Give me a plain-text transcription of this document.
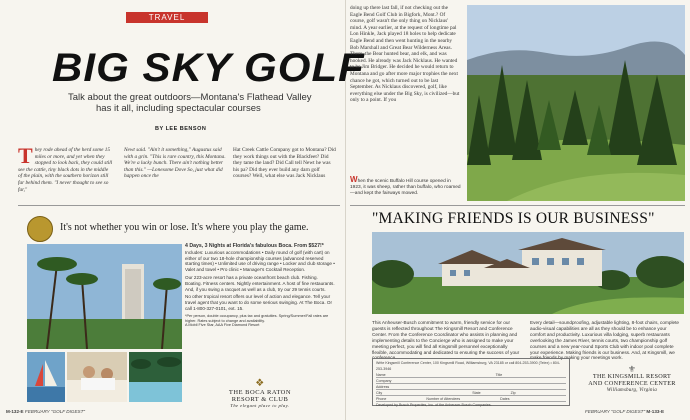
TRAVEL
BIG SKY GOLF
Talk about the great outdoors—Montana's Flathead Valley
has it all, including spectacular courses
BY LEE BENSON
They rode ahead of the herd some 15 miles or more, and yet when they stopped to look back, they could still see the cattle, tiny black dots in the middle of the plain, with the southern horizon still far behind them. "I never thought to see so far,"
Newt said. "Ain't it something," Augustus said with a grin. "This is rare country, this Montana. We're a lucky bunch. There ain't nothing better than this." —Lonesome Dove So, just what did happen once the
Hat Creek Cattle Company got to Montana? Did they work things out with the Blackfeet? Did they tame the land? Did Call tell Newt he was his pa? Did they ever build any darn golf courses? Well, what else was Jack Nicklaus
doing up there last fall, if not checking out the Eagle Bend Golf Club in Bigfork, Mont.? Of course, golf wasn't the only thing on Nicklaus' mind. A year earlier, at the request of longtime pal Lon Hinkle, Jack played 18 holes to help dedicate Eagle Bend and then went hunting in the nearby Bob Marshall and Great Bear Wilderness Areas. There, the Bear hunted bear, and elk, and was hooked. He already was Jack Nicklaus. He wanted to be Jim Bridger. He decided he would return to Montana and go after more major trophies the next chance he got, which turned out to be last September. As Nicklaus discovered, golf, like everything else under the Big Sky, is civilized—but only to a point. If you
When the scenic Buffalo Hill course opened in 1923, it was sheep, rather than buffalo, who roamed—and kept the fairways mowed.
It's not whether you win or lose. It's where you play the game.
4 Days, 3 Nights at Florida's fabulous Boca. From $527!*
Includes: Luxurious accommodations • Daily round of golf (with cart) on either of our two 18-hole championship courses (advanced reserved starting times) • Unlimited use of driving range • Locker and club storage • Valet and towel • Pro clinic • Manager's Cocktail Reception.
Our 223-acre resort has a private oceanfront beach club. Fishing. Boating. Fitness centers. Nightly entertainment. A host of fine restaurants. And, if you swing a racquet as well as a club, try our 29 tennis courts.
No other tropical resort offers our level of action and elegance. Tell your travel agent that you want to do some serious swinging. At The Boca. Or call 1-800-327-0101, ext. 15.
*Per person, double occupancy, plus tax and gratuities. Spring/Summer/Fall rates are higher. Rates subject to change and availability.
A Mobil Five Star, AAA Five Diamond Resort
❖
THE BOCA RATON
RESORT & CLUB
The elegant place to play.
"MAKING FRIENDS IS OUR BUSINESS"
This Anheuser-Busch commitment to warm, friendly service for our guests is reflected throughout The Kingsmill Resort and Conference Center. From the Conference Coordinator who assists in planning and implementing details to the Concierge who is assigned to make your meeting perfect, you will find all Kingsmill personnel exceptionally flexible, accommodating and dedicated to ensuring the success of your conference.
Every detail—soundproofing, adjustable lighting, 8-foot chairs, complete audio-visual capabilities are all as they should be to enhance your comfort and productivity. Luxurious villa lodging, superb restaurants overlooking the James River, tennis courts, two championship golf courses and a new year-round Sports Club with indoor pool complete your experience. Making friends is our business. And, at Kingsmill, we make friends by making your meetings work.
Write Kingsmill Conference Center, 100 Kingsmill Road, Williamsburg, VA 23185 or call 804-253-3900 (Telex) • 804-253-3946
Name	Title
Company
Address
City	State	Zip
Phone	Number of Attendees	Dates
Developed by Busch Properties, Inc. of the Anheuser-Busch Companies.
⚜
THE KINGSMILL RESORT
AND CONFERENCE CENTER
Williamsburg, Virginia
M-132-E FEBRUARY "GOLF DIGEST"	FEBRUARY "GOLF DIGEST" M-133-E
